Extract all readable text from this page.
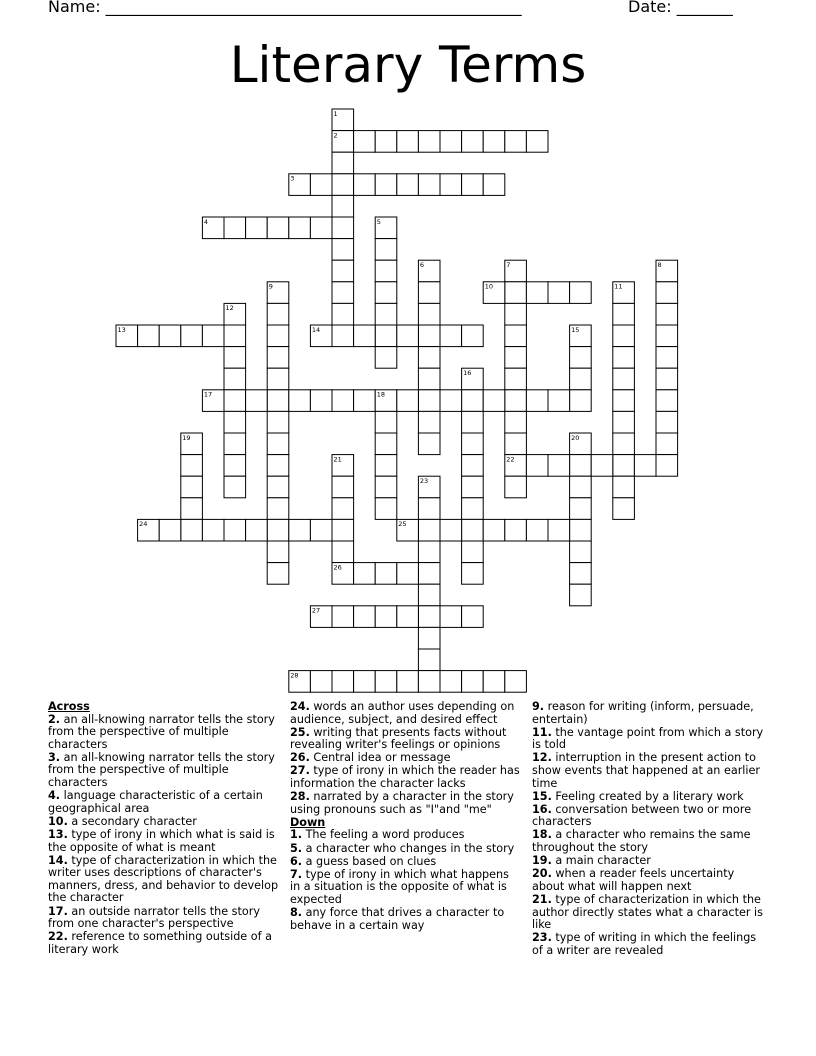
Name: ____________________________________________________	Date: _______
Literary Terms
1
2
3
4	5
6	7	8
9	10	11
12
13	14	15
16
17	18
19	20
21	22
23
24	25
26
27
28
Across
2. an all-knowing narrator tells the story from the perspective of multiple characters
3. an all-knowing narrator tells the story from the perspective of multiple characters
4. language characteristic of a certain geographical area
10. a secondary character
13. type of irony in which what is said is the opposite of what is meant
14. type of characterization in which the writer uses descriptions of character's manners, dress, and behavior to develop the character
17. an outside narrator tells the story from one character's perspective
22. reference to something outside of a literary work
24. words an author uses depending on audience, subject, and desired effect
25. writing that presents facts without revealing writer's feelings or opinions
26. Central idea or message
27. type of irony in which the reader has information the character lacks
28. narrated by a character in the story using pronouns such as "I"and "me"
Down
1. The feeling a word produces
5. a character who changes in the story
6. a guess based on clues
7. type of irony in which what happens in a situation is the opposite of what is expected
8. any force that drives a character to behave in a certain way
9. reason for writing (inform, persuade, entertain)
11. the vantage point from which a story is told
12. interruption in the present action to show events that happened at an earlier time
15. Feeling created by a literary work
16. conversation between two or more characters
18. a character who remains the same throughout the story
19. a main character
20. when a reader feels uncertainty about what will happen next
21. type of characterization in which the author directly states what a character is like
23. type of writing in which the feelings of a writer are revealed
